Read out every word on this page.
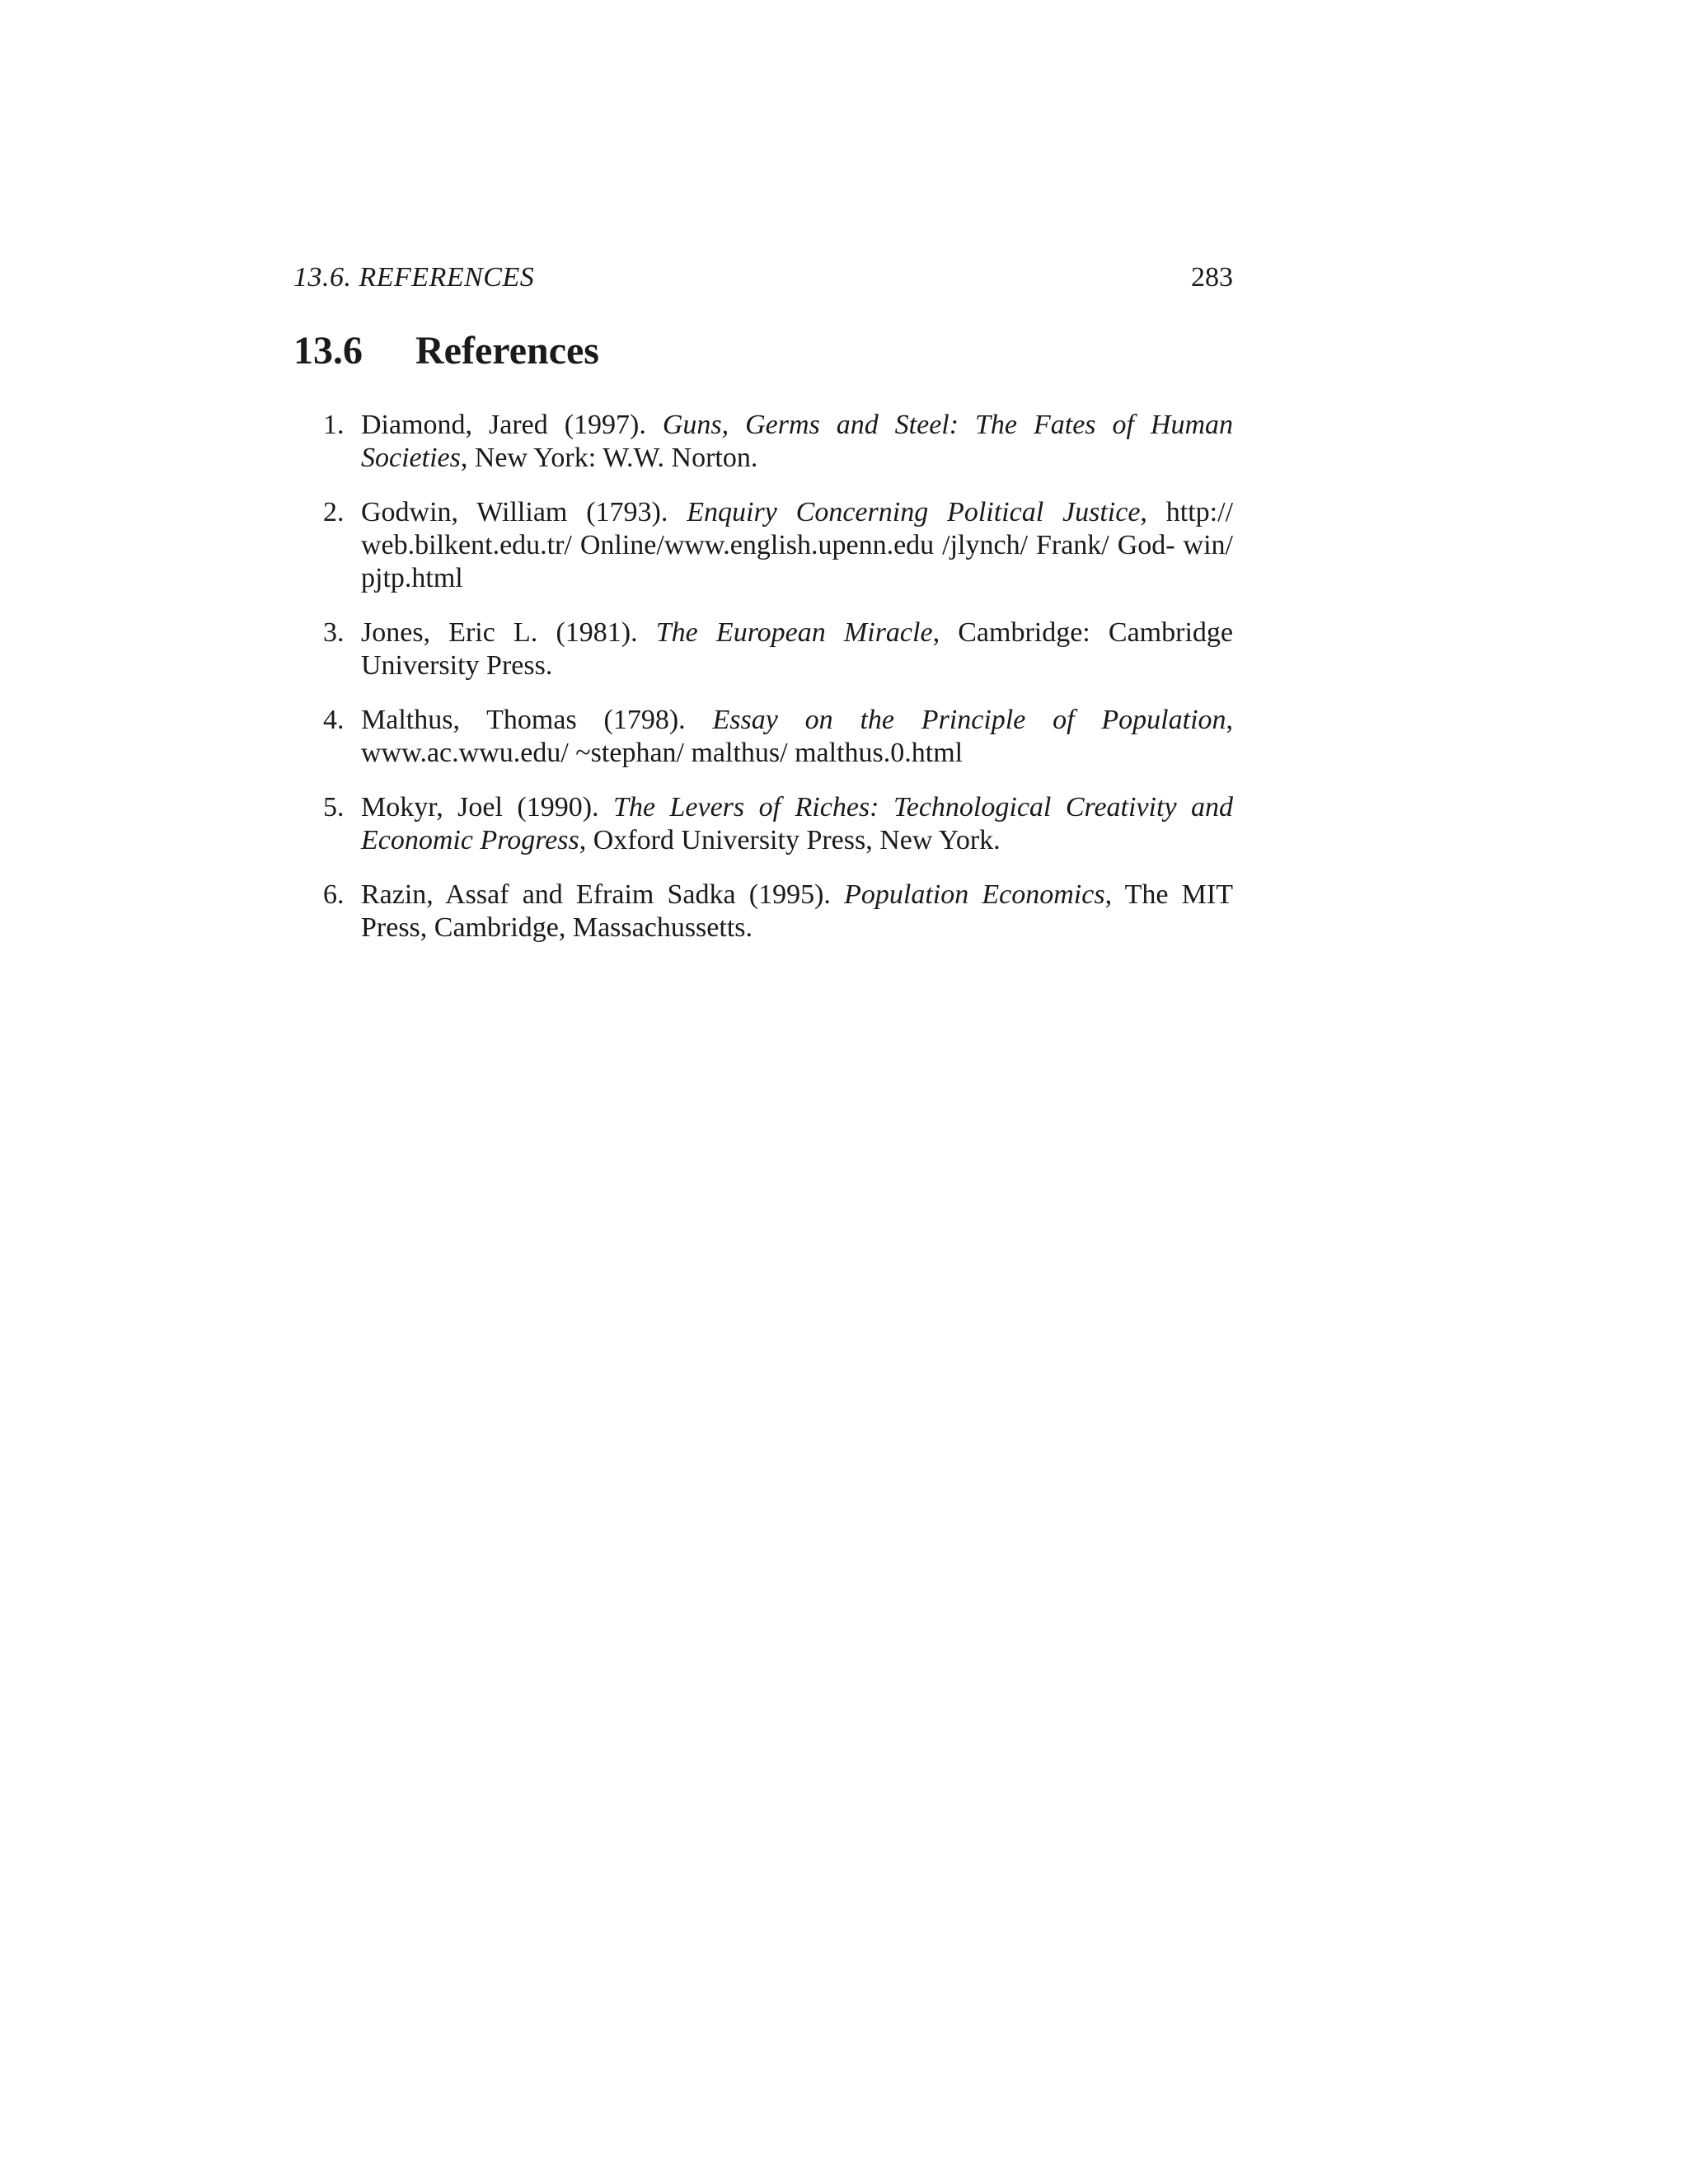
13.6. REFERENCES	283
13.6 References
1. Diamond, Jared (1997). Guns, Germs and Steel: The Fates of Human Societies, New York: W.W. Norton.
2. Godwin, William (1793). Enquiry Concerning Political Justice, http:// web.bilkent.edu.tr/ Online/www.english.upenn.edu /jlynch/ Frank/ God- win/ pjtp.html
3. Jones, Eric L. (1981). The European Miracle, Cambridge: Cambridge University Press.
4. Malthus, Thomas (1798). Essay on the Principle of Population, www.ac.wwu.edu/ ~stephan/ malthus/ malthus.0.html
5. Mokyr, Joel (1990). The Levers of Riches: Technological Creativity and Economic Progress, Oxford University Press, New York.
6. Razin, Assaf and Efraim Sadka (1995). Population Economics, The MIT Press, Cambridge, Massachussetts.
